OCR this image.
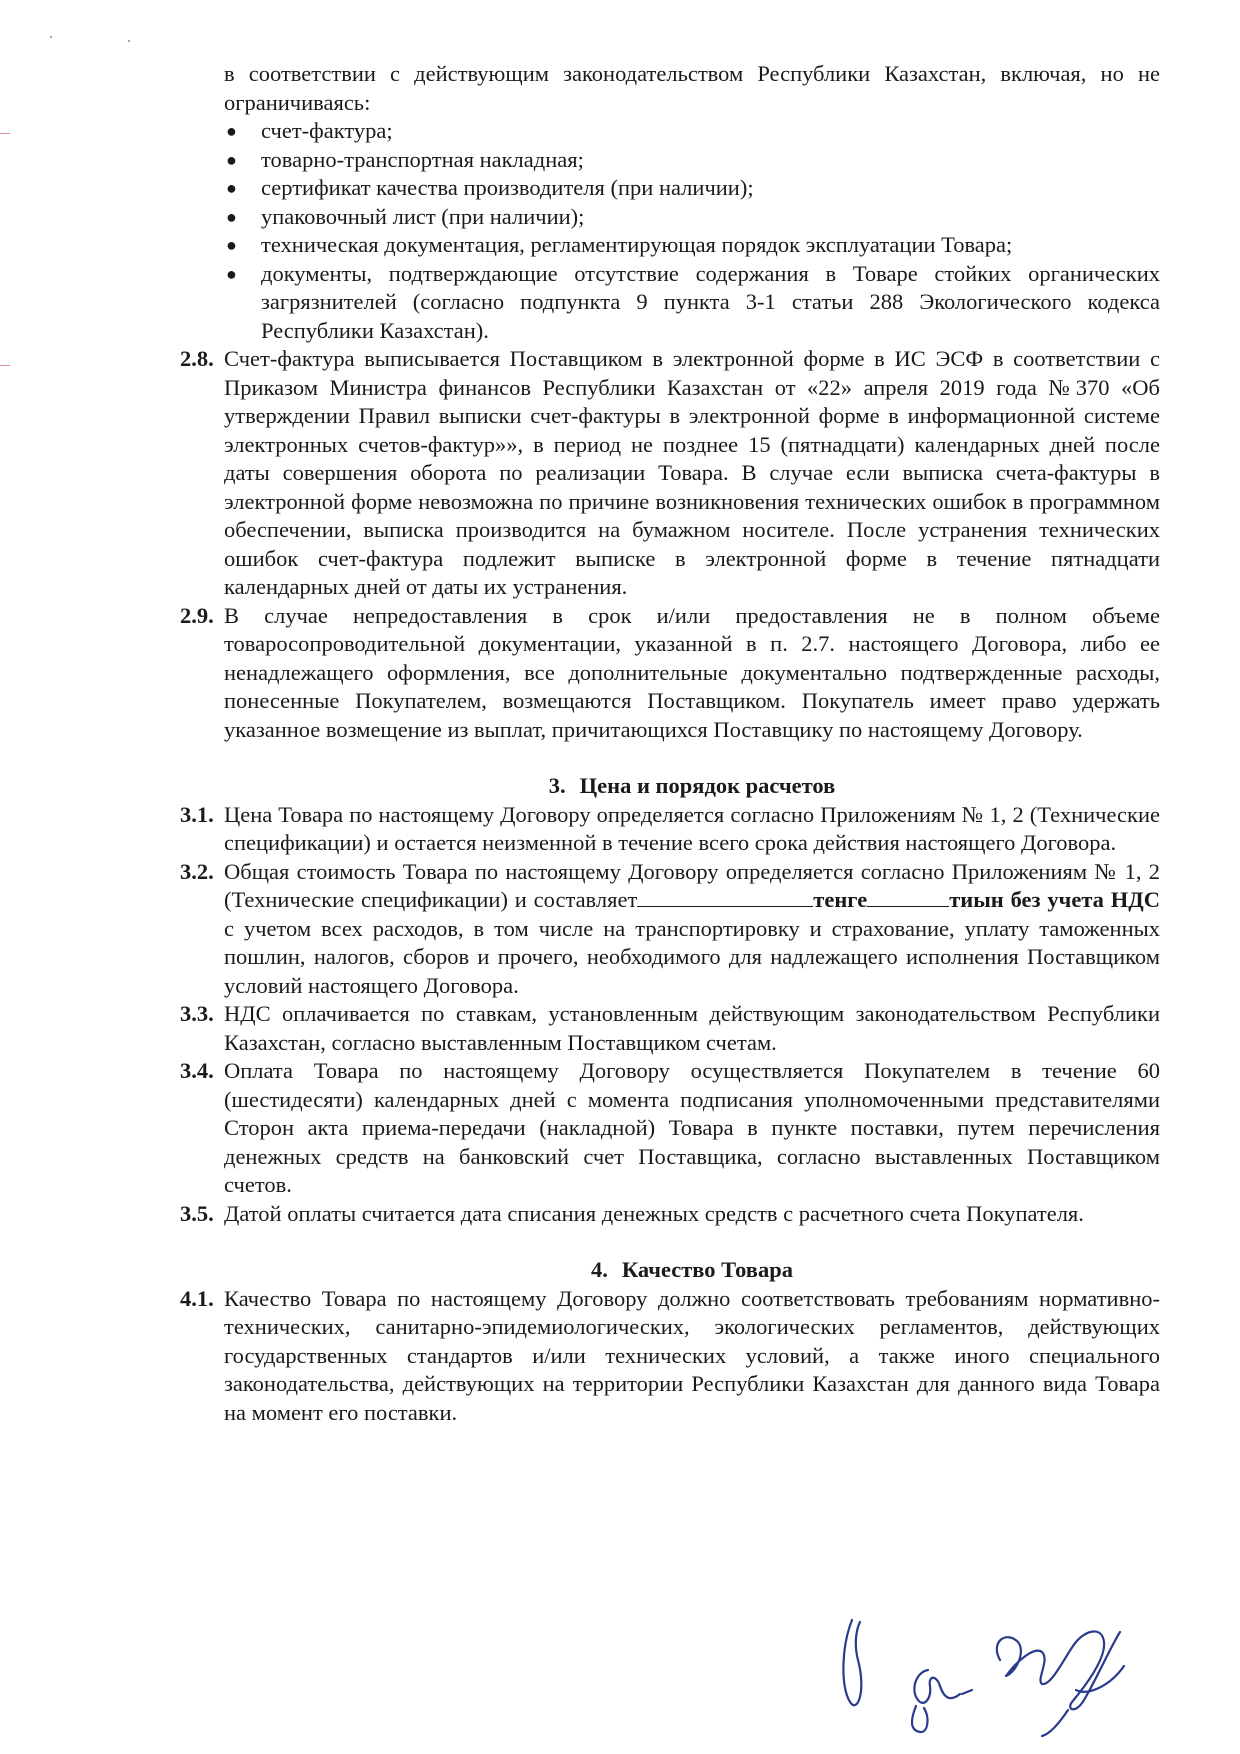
в соответствии с действующим законодательством Республики Казахстан, включая, но не ограничиваясь:

● счет-фактура;
● товарно-транспортная накладная;
● сертификат качества производителя (при наличии);
● упаковочный лист (при наличии);
● техническая документация, регламентирующая порядок эксплуатации Товара;
● документы, подтверждающие отсутствие содержания в Товаре стойких органических загрязнителей (согласно подпункта 9 пункта 3-1 статьи 288 Экологического кодекса Республики Казахстан).

2.8. Счет-фактура выписывается Поставщиком в электронной форме в ИС ЭСФ в соответствии с Приказом Министра финансов Республики Казахстан от «22» апреля 2019 года №370 «Об утверждении Правил выписки счет-фактуры в электронной форме в информационной системе электронных счетов-фактур»», в период не позднее 15 (пятнадцати) календарных дней после даты совершения оборота по реализации Товара. В случае если выписка счета-фактуры в электронной форме невозможна по причине возникновения технических ошибок в программном обеспечении, выписка производится на бумажном носителе. После устранения технических ошибок счет-фактура подлежит выписке в электронной форме в течение пятнадцати календарных дней от даты их устранения.

2.9. В случае непредоставления в срок и/или предоставления не в полном объеме товаросопроводительной документации, указанной в п. 2.7. настоящего Договора, либо ее ненадлежащего оформления, все дополнительные документально подтвержденные расходы, понесенные Покупателем, возмещаются Поставщиком. Покупатель имеет право удержать указанное возмещение из выплат, причитающихся Поставщику по настоящему Договору.

3. Цена и порядок расчетов

3.1. Цена Товара по настоящему Договору определяется согласно Приложениям № 1, 2 (Технические спецификации) и остается неизменной в течение всего срока действия настоящего Договора.

3.2. Общая стоимость Товара по настоящему Договору определяется согласно Приложениям № 1, 2 (Технические спецификации) и составляет	тенге	тиын без учета НДС с учетом всех расходов, в том числе на транспортировку и страхование, уплату таможенных пошлин, налогов, сборов и прочего, необходимого для надлежащего исполнения Поставщиком условий настоящего Договора.

3.3. НДС оплачивается по ставкам, установленным действующим законодательством Республики Казахстан, согласно выставленным Поставщиком счетам.

3.4. Оплата Товара по настоящему Договору осуществляется Покупателем в течение 60 (шестидесяти) календарных дней с момента подписания уполномоченными представителями Сторон акта приема-передачи (накладной) Товара в пункте поставки, путем перечисления денежных средств на банковский счет Поставщика, согласно выставленных Поставщиком счетов.

3.5. Датой оплаты считается дата списания денежных средств с расчетного счета Покупателя.

4. Качество Товара

4.1. Качество Товара по настоящему Договору должно соответствовать требованиям нормативно-технических, санитарно-эпидемиологических, экологических регламентов, действующих государственных стандартов и/или технических условий, а также иного специального законодательства, действующих на территории Республики Казахстан для данного вида Товара на момент его поставки.
